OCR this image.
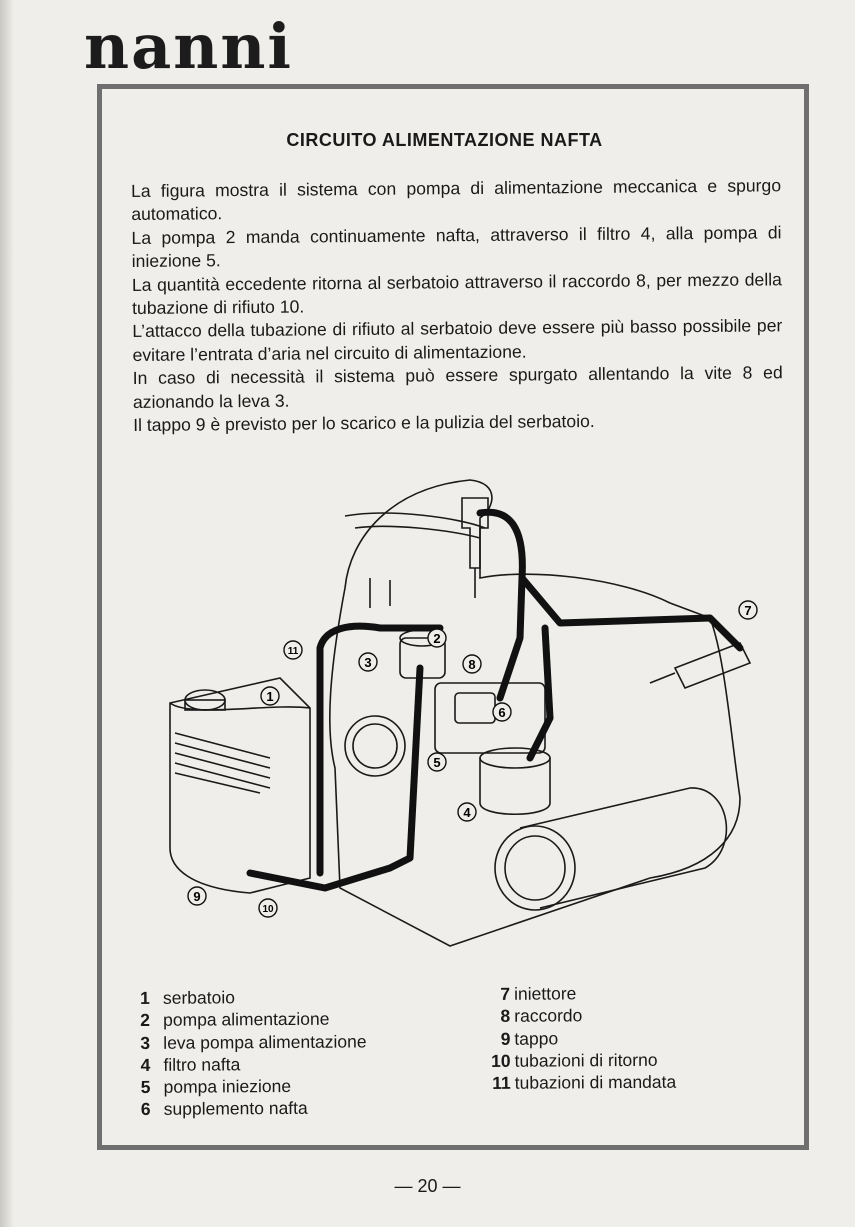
nanni
CIRCUITO ALIMENTAZIONE NAFTA

La figura mostra il sistema con pompa di alimentazione meccanica e spurgo automatico.

La pompa 2 manda continuamente nafta, attraverso il filtro 4, alla pompa di iniezione 5.

La quantità eccedente ritorna al serbatoio attraverso il raccordo 8, per mezzo della tubazione di rifiuto 10.

L’attacco della tubazione di rifiuto al serbatoio deve essere più basso possibile per evitare l’entrata d’aria nel circuito di alimentazione.

In caso di necessità il sistema può essere spurgato allentando la vite 8 ed azionando la leva 3.

Il tappo 9 è previsto per lo scarico e la pulizia del serbatoio.

1
2
3
4
5
6
7
8
9
10
11
1 serbatoio
2 pompa alimentazione
3 leva pompa alimentazione
4 filtro nafta
5 pompa iniezione
6 supplemento nafta
7 iniettore
8 raccordo
9 tappo
10 tubazioni di ritorno
11 tubazioni di mandata
— 20 —
